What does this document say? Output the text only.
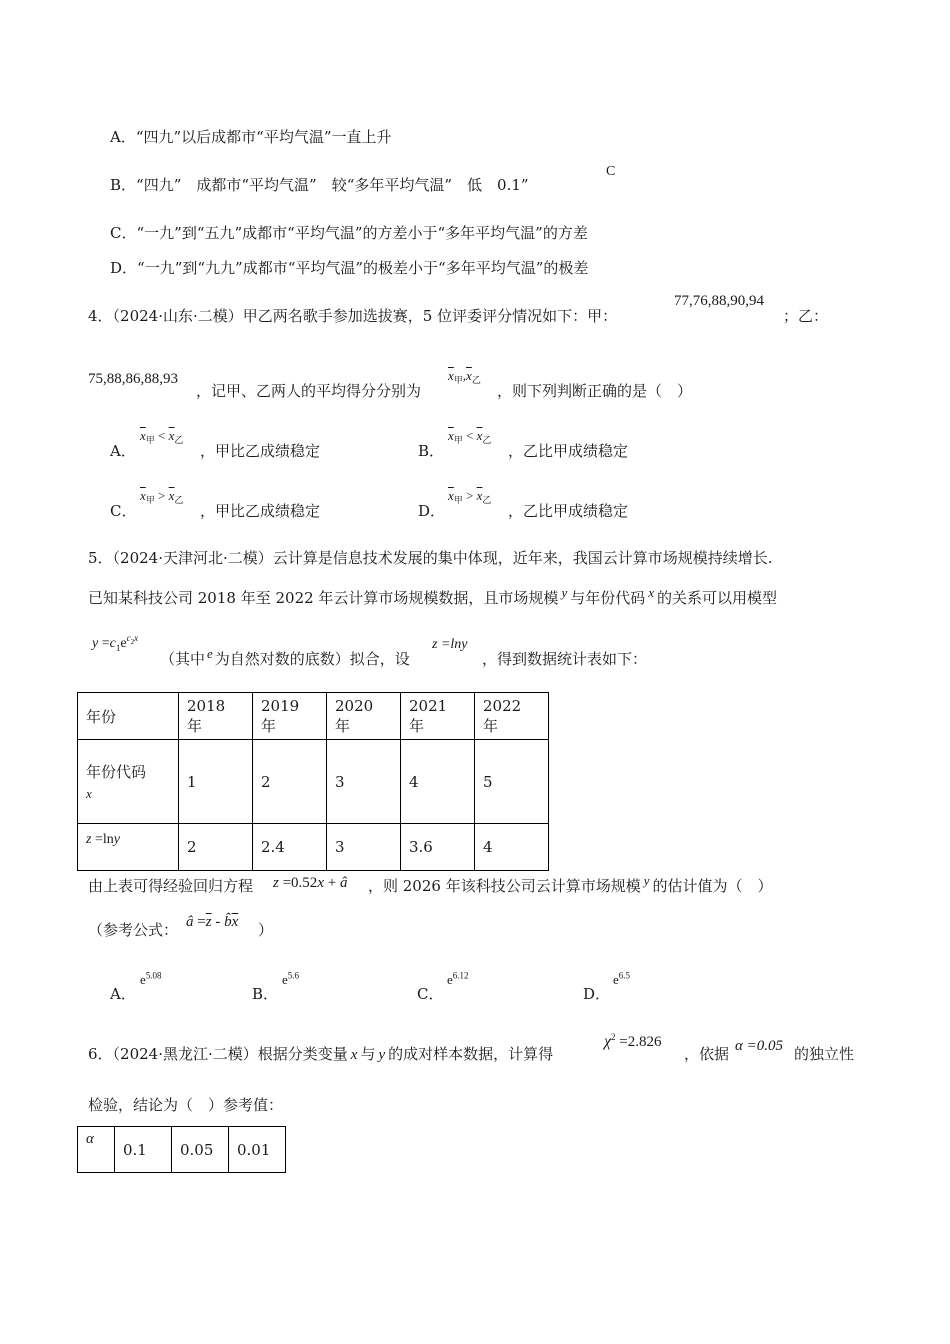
A．“四九”以后成都市“平均气温”一直上升
B．“四九”　成都市“平均气温”　较“多年平均气温”　低　0.1”
C
C．“一九”到“五九”成都市“平均气温”的方差小于“多年平均气温”的方差
D．“一九”到“九九”成都市“平均气温”的极差小于“多年平均气温”的极差
4．（2024·山东·二模）甲乙两名歌手参加选拔赛，5 位评委评分情况如下：甲：
77,76,88,90,94
；乙：
75,88,86,88,93
，记甲、乙两人的平均得分分别为
$\overline{x}_甲,\overline{x}_乙$
，则下列判断正确的是（　）
A．
$\overline{x}_甲 < \overline{x}_乙$
，甲比乙成绩稳定	B．
$\overline{x}_甲 < \overline{x}_乙$
，乙比甲成绩稳定
C．
$\overline{x}_甲 > \overline{x}_乙$
，甲比乙成绩稳定	D．
$\overline{x}_甲 > \overline{x}_乙$
，乙比甲成绩稳定
5．（2024·天津河北·二模）云计算是信息技术发展的集中体现，近年来，我国云计算市场规模持续增长.
已知某科技公司 2018 年至 2022 年云计算市场规模数据，且市场规模 y 与年份代码 x 的关系可以用模型
$y =c_1e^{c_2x}$
（其中 e 为自然对数的底数）拟合，设
z =lny
，得到数据统计表如下：
年份	2018 年	2019 年	2020 年	2021 年	2022 年

年份代码
x	1	2	3	4	5
z =lny	2	2.4	3	3.6	4
由上表可得经验回归方程 z =0.52x + â ，则 2026 年该科技公司云计算市场规模 y 的估计值为（　）
（参考公式： â $=\overline{z}$ - $b̂\overline{x}$ ）
A．
$e^{5.08}$
B．
$e^{5.6}$
C．
$e^{6.12}$
D．
$e^{6.5}$
6．（2024·黑龙江·二模）根据分类变量 x 与 y 的成对样本数据，计算得
$\chi^2 =2.826$
，依据 α =0.05 的独立性
检验，结论为（　）参考值：
α	0.1	0.05	0.01
